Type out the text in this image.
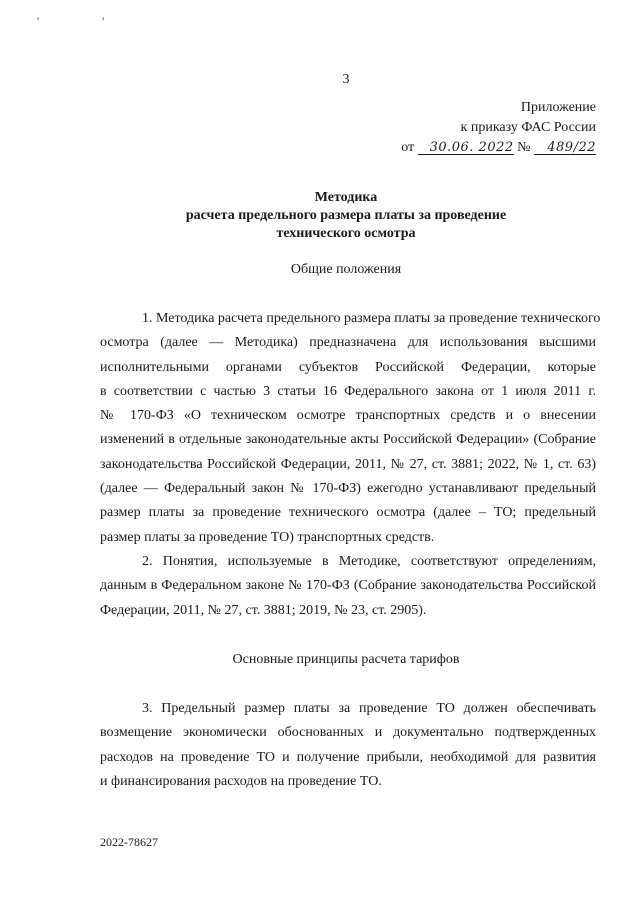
' '
3
Приложение
к приказу ФАС России
от 30.06. 2022 № 489/22
Методика
расчета предельного размера платы за проведение
технического осмотра
Общие положения
1. Методика расчета предельного размера платы за проведение технического
осмотра (далее — Методика) предназначена для использования высшими
исполнительными органами субъектов Российской Федерации, которые
в соответствии с частью 3 статьи 16 Федерального закона от 1 июля 2011 г.
№ 170-ФЗ «О техническом осмотре транспортных средств и о внесении
изменений в отдельные законодательные акты Российской Федерации» (Собрание
законодательства Российской Федерации, 2011, № 27, ст. 3881; 2022, № 1, ст. 63)
(далее — Федеральный закон № 170-ФЗ) ежегодно устанавливают предельный
размер платы за проведение технического осмотра (далее – ТО; предельный
размер платы за проведение ТО) транспортных средств.
2. Понятия, используемые в Методике, соответствуют определениям,
данным в Федеральном законе № 170-ФЗ (Собрание законодательства Российской
Федерации, 2011, № 27, ст. 3881; 2019, № 23, ст. 2905).
Основные принципы расчета тарифов
3. Предельный размер платы за проведение ТО должен обеспечивать
возмещение экономически обоснованных и документально подтвержденных
расходов на проведение ТО и получение прибыли, необходимой для развития
и финансирования расходов на проведение ТО.
2022-78627
